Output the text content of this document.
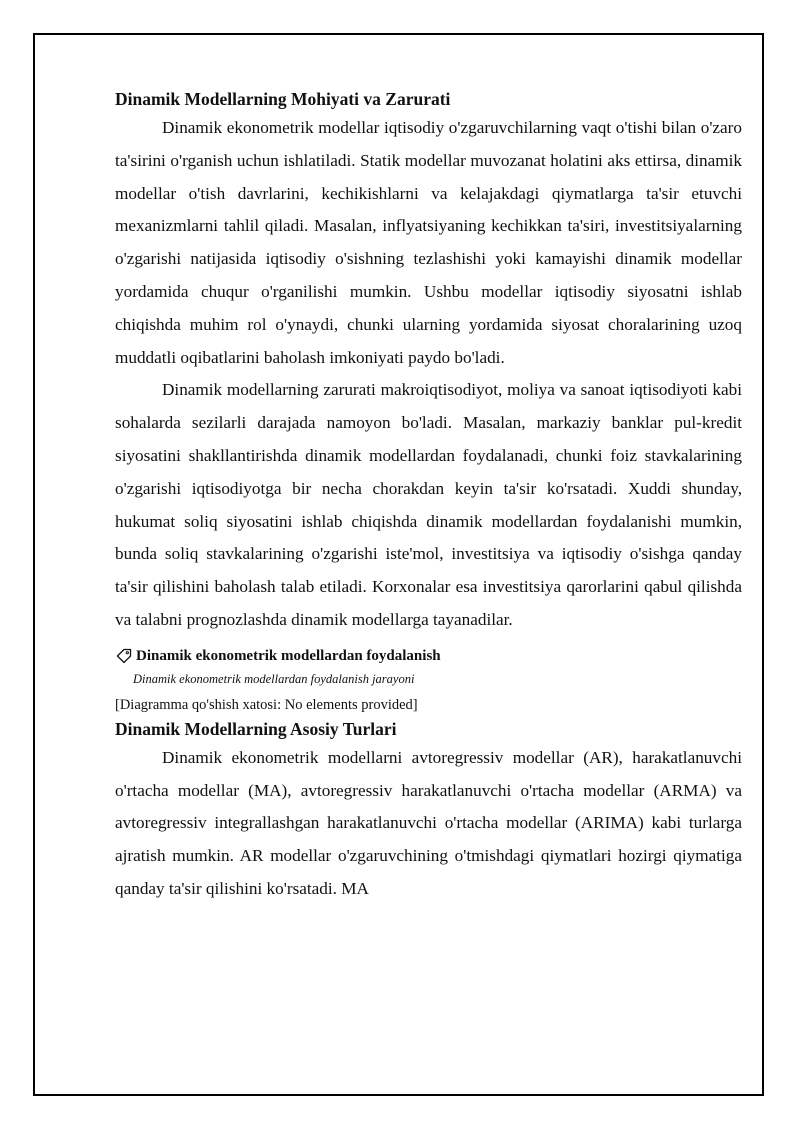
Dinamik Modellarning Mohiyati va Zarurati

Dinamik ekonometrik modellar iqtisodiy o'zgaruvchilarning vaqt o'tishi bilan o'zaro ta'sirini o'rganish uchun ishlatiladi. Statik modellar muvozanat holatini aks ettirsa, dinamik modellar o'tish davrlarini, kechikishlarni va kelajakdagi qiymatlarga ta'sir etuvchi mexanizmlarni tahlil qiladi. Masalan, inflyatsiyaning kechikkan ta'siri, investitsiyalarning o'zgarishi natijasida iqtisodiy o'sishning tezlashishi yoki kamayishi dinamik modellar yordamida chuqur o'rganilishi mumkin. Ushbu modellar iqtisodiy siyosatni ishlab chiqishda muhim rol o'ynaydi, chunki ularning yordamida siyosat choralarining uzoq muddatli oqibatlarini baholash imkoniyati paydo bo'ladi.

Dinamik modellarning zarurati makroiqtisodiyot, moliya va sanoat iqtisodiyoti kabi sohalarda sezilarli darajada namoyon bo'ladi. Masalan, markaziy banklar pul-kredit siyosatini shakllantirishda dinamik modellardan foydalanadi, chunki foiz stavkalarining o'zgarishi iqtisodiyotga bir necha chorakdan keyin ta'sir ko'rsatadi. Xuddi shunday, hukumat soliq siyosatini ishlab chiqishda dinamik modellardan foydalanishi mumkin, bunda soliq stavkalarining o'zgarishi iste'mol, investitsiya va iqtisodiy o'sishga qanday ta'sir qilishini baholash talab etiladi. Korxonalar esa investitsiya qarorlarini qabul qilishda va talabni prognozlashda dinamik modellarga tayanadilar.

Dinamik ekonometrik modellardan foydalanish
Dinamik ekonometrik modellardan foydalanish jarayoni
[Diagramma qo'shish xatosi: No elements provided]
Dinamik Modellarning Asosiy Turlari

Dinamik ekonometrik modellarni avtoregressiv modellar (AR), harakatlanuvchi o'rtacha modellar (MA), avtoregressiv harakatlanuvchi o'rtacha modellar (ARMA) va avtoregressiv integrallashgan harakatlanuvchi o'rtacha modellar (ARIMA) kabi turlarga ajratish mumkin. AR modellar o'zgaruvchining o'tmishdagi qiymatlari hozirgi qiymatiga qanday ta'sir qilishini ko'rsatadi. MA
